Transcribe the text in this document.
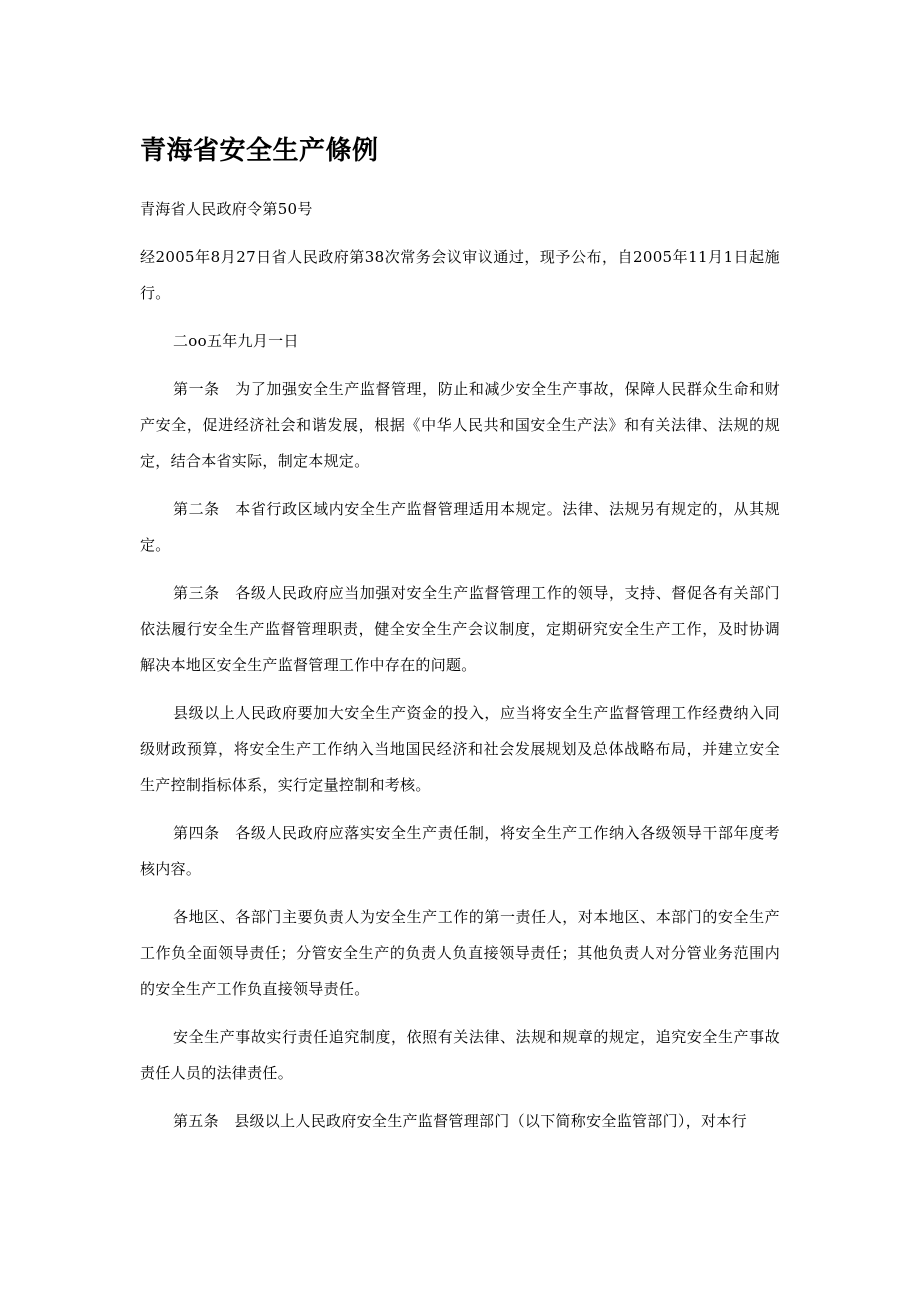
青海省安全生产條例

青海省人民政府令第50号

经2005年8月27日省人民政府第38次常务会议审议通过，现予公布，自2005年11月1日起施行。

二oo五年九月一日

第一条　为了加强安全生产监督管理，防止和减少安全生产事故，保障人民群众生命和财产安全，促进经济社会和谐发展，根据《中华人民共和国安全生产法》和有关法律、法规的规定，结合本省实际，制定本规定。

第二条　本省行政区域内安全生产监督管理适用本规定。法律、法规另有规定的，从其规定。

第三条　各级人民政府应当加强对安全生产监督管理工作的领导，支持、督促各有关部门依法履行安全生产监督管理职责，健全安全生产会议制度，定期研究安全生产工作，及时协调解决本地区安全生产监督管理工作中存在的问题。

县级以上人民政府要加大安全生产资金的投入，应当将安全生产监督管理工作经费纳入同级财政预算，将安全生产工作纳入当地国民经济和社会发展规划及总体战略布局，并建立安全生产控制指标体系，实行定量控制和考核。

第四条　各级人民政府应落实安全生产责任制，将安全生产工作纳入各级领导干部年度考核内容。

各地区、各部门主要负责人为安全生产工作的第一责任人，对本地区、本部门的安全生产工作负全面领导责任；分管安全生产的负责人负直接领导责任；其他负责人对分管业务范围内的安全生产工作负直接领导责任。

安全生产事故实行责任追究制度，依照有关法律、法规和规章的规定，追究安全生产事故责任人员的法律责任。

第五条　县级以上人民政府安全生产监督管理部门（以下简称安全监管部门），对本行
